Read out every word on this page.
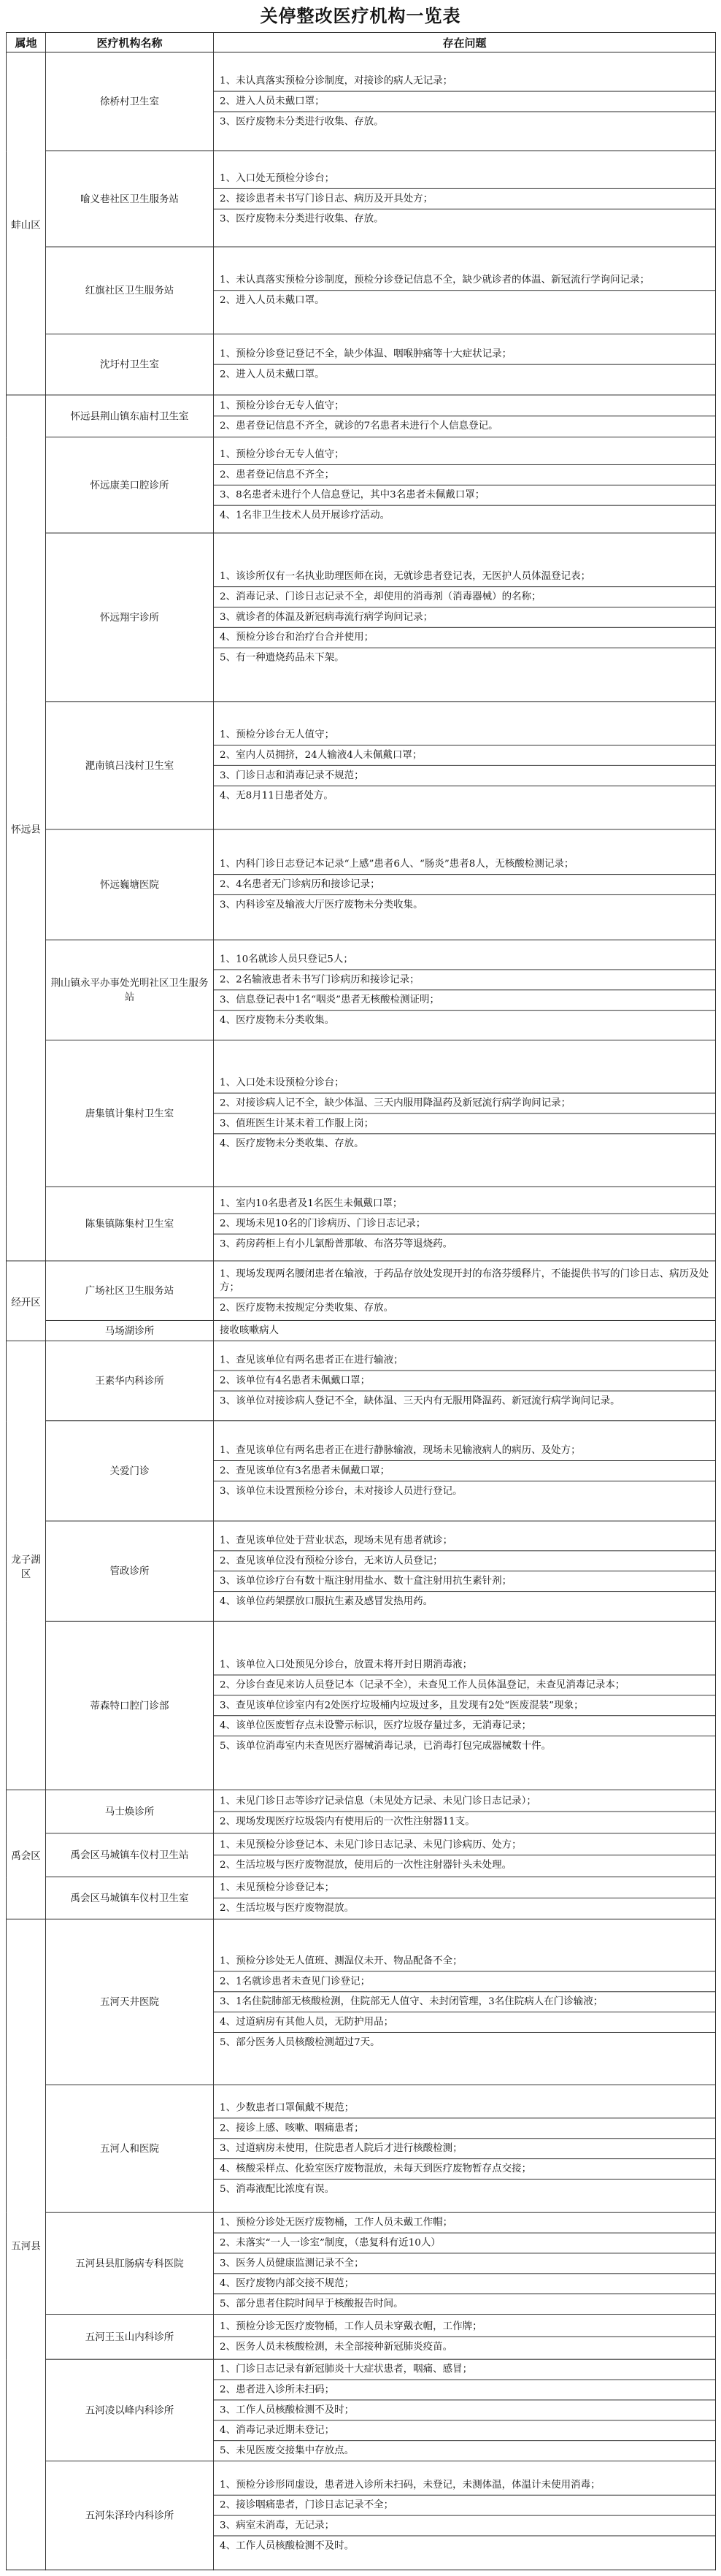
关停整改医疗机构一览表
属地	医疗机构名称	存在问题
蚌山区	徐桥村卫生室	1、未认真落实预检分诊制度，对接诊的病人无记录；
2、进入人员未戴口罩；
3、医疗废物未分类进行收集、存放。

	喻义巷社区卫生服务站	1、入口处无预检分诊台；
2、接诊患者未书写门诊日志、病历及开具处方；
3、医疗废物未分类进行收集、存放。

	红旗社区卫生服务站	1、未认真落实预检分诊制度，预检分诊登记信息不全，缺少就诊者的体温、新冠流行学询问记录；
2、进入人员未戴口罩。

	沈圩村卫生室	1、预检分诊登记登记不全，缺少体温、咽喉肿痛等十大症状记录；
2、进入人员未戴口罩。

怀远县	怀远县荆山镇东庙村卫生室	1、预检分诊台无专人值守；
2、患者登记信息不齐全，就诊的7名患者未进行个人信息登记。

	怀远康美口腔诊所	1、预检分诊台无专人值守；
2、患者登记信息不齐全；
3、8名患者未进行个人信息登记，其中3名患者未佩戴口罩；
4、1名非卫生技术人员开展诊疗活动。

	怀远翔宇诊所	1、该诊所仅有一名执业助理医师在岗，无就诊患者登记表，无医护人员体温登记表；
2、消毒记录、门诊日志记录不全，却使用的消毒剂（消毒器械）的名称；
3、就诊者的体温及新冠病毒流行病学询问记录；
4、预检分诊台和治疗台合并使用；
5、有一种遗烧药品未下架。

	淝南镇吕浅村卫生室	1、预检分诊台无人值守；
2、室内人员拥挤，24人输液4人未佩戴口罩；
3、门诊日志和消毒记录不规范；
4、无8月11日患者处方。

	怀远巍塘医院	1、内科门诊日志登记本记录“上感”患者6人、“肠炎”患者8人，无核酸检测记录；
2、4名患者无门诊病历和接诊记录；
3、内科诊室及输液大厅医疗废物未分类收集。

	荆山镇永平办事处光明社区卫生服务站	1、10名就诊人员只登记5人；
2、2名输液患者未书写门诊病历和接诊记录；
3、信息登记表中1名“咽炎”患者无核酸检测证明；
4、医疗废物未分类收集。

	唐集镇计集村卫生室	1、入口处未设预检分诊台；
2、对接诊病人记不全，缺少体温、三天内服用降温药及新冠流行病学询问记录；
3、值班医生计某未着工作服上岗；
4、医疗废物未分类收集、存放。

	陈集镇陈集村卫生室	1、室内10名患者及1名医生未佩戴口罩；
2、现场未见10名的门诊病历、门诊日志记录；
3、药房药柜上有小儿氯酚普那敏、布洛芬等退烧药。

经开区	广场社区卫生服务站	1、现场发现两名腰闭患者在输液，于药品存放处发现开封的布洛芬缓释片，不能提供书写的门诊日志、病历及处方；
2、医疗废物未按规定分类收集、存放。

	马场湖诊所	接收咳嗽病人

龙子湖区	王素华内科诊所	1、查见该单位有两名患者正在进行输液；
2、该单位有4名患者未佩戴口罩；
3、该单位对接诊病人登记不全，缺体温、三天内有无服用降温药、新冠流行病学询问记录。

	关爱门诊	1、查见该单位有两名患者正在进行静脉输液，现场未见输液病人的病历、及处方；
2、查见该单位有3名患者未佩戴口罩；
3、该单位未设置预检分诊台，未对接诊人员进行登记。

	管政诊所	1、查见该单位处于营业状态，现场未见有患者就诊；
2、查见该单位没有预检分诊台，无来访人员登记；
3、该单位诊疗台有数十瓶注射用盐水、数十盒注射用抗生素针剂；
4、该单位药架摆放口服抗生素及感冒发热用药。

	蒂森特口腔门诊部	1、该单位入口处预见分诊台，放置未将开封日期消毒液；
2、分诊台查见来访人员登记本（记录不全），未查见工作人员体温登记，未查见消毒记录本；
3、查见该单位诊室内有2处医疗垃圾桶内垃圾过多，且发现有2处“医废混装”现象；
4、该单位医废暂存点未设警示标识，医疗垃圾存量过多，无消毒记录；
5、该单位消毒室内未查见医疗器械消毒记录，已消毒打包完成器械数十件。

禹会区	马士焕诊所	1、未见门诊日志等诊疗记录信息（未见处方记录、未见门诊日志记录）；
2、现场发现医疗垃圾袋内有使用后的一次性注射器11支。

	禹会区马城镇车仪村卫生站	1、未见预检分诊登记本、未见门诊日志记录、未见门诊病历、处方；
2、生活垃圾与医疗废物混放，使用后的一次性注射器针头未处理。

	禹会区马城镇车仪村卫生室	1、未见预检分诊登记本；
2、生活垃圾与医疗废物混放。

五河县	五河天井医院	1、预检分诊处无人值班、测温仪未开、物品配备不全；
2、1名就诊患者未查见门诊登记；
3、1名住院肺部无核酸检测，住院部无人值守、未封闭管理，3名住院病人在门诊输液；
4、过道病房有其他人员，无防护用品；
5、部分医务人员核酸检测超过7天。

	五河人和医院	1、少数患者口罩佩戴不规范；
2、接诊上感、咳嗽、咽痛患者；
3、过道病房未使用，住院患者人院后才进行核酸检测；
4、核酸采样点、化验室医疗废物混放，未每天到医疗废物暂存点交接；
5、消毒液配比浓度有误。

	五河县县肛肠病专科医院	1、预检分诊处无医疗废物桶，工作人员未戴工作帽；
2、未落实“一人一诊室”制度，（患复科有近10人）
3、医务人员健康监测记录不全；
4、医疗废物内部交接不规范；
5、部分患者住院时间早于核酸报告时间。

	五河王玉山内科诊所	1、预检分诊无医疗废物桶，工作人员未穿戴衣帽，工作牌；
2、医务人员未核酸检测，未全部接种新冠肺炎疫苗。

	五河凌以峰内科诊所	1、门诊日志记录有新冠肺炎十大症状患者，咽痛、感冒；
2、患者进入诊所未扫码；
3、工作人员核酸检测不及时；
4、消毒记录近期未登记；
5、未见医废交接集中存放点。

	五河朱泽玲内科诊所	1、预检分诊形同虚设，患者进入诊所未扫码，未登记，未测体温，体温计未使用消毒；
2、接诊咽痛患者，门诊日志记录不全；
3、病室未消毒，无记录；
4、工作人员核酸检测不及时。
